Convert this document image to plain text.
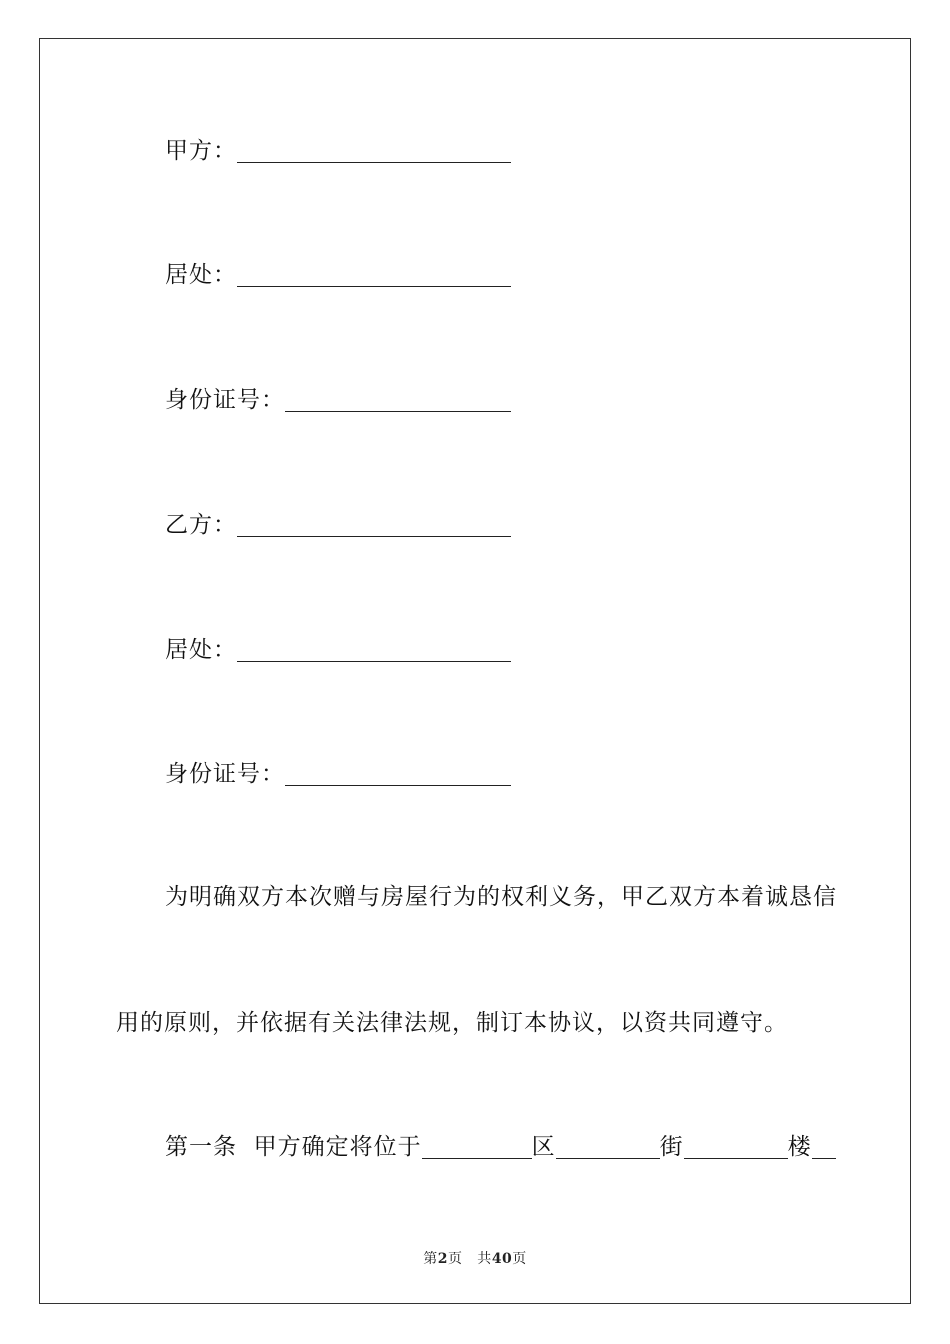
甲方：
居处：
身份证号：
乙方：
居处：
身份证号：
为明确双方本次赠与房屋行为的权利义务，甲乙双方本着诚恳信
用的原则，并依据有关法律法规，制订本协议，以资共同遵守。
第一条  甲方确定将位于	区	街	楼
第2页   共40页
